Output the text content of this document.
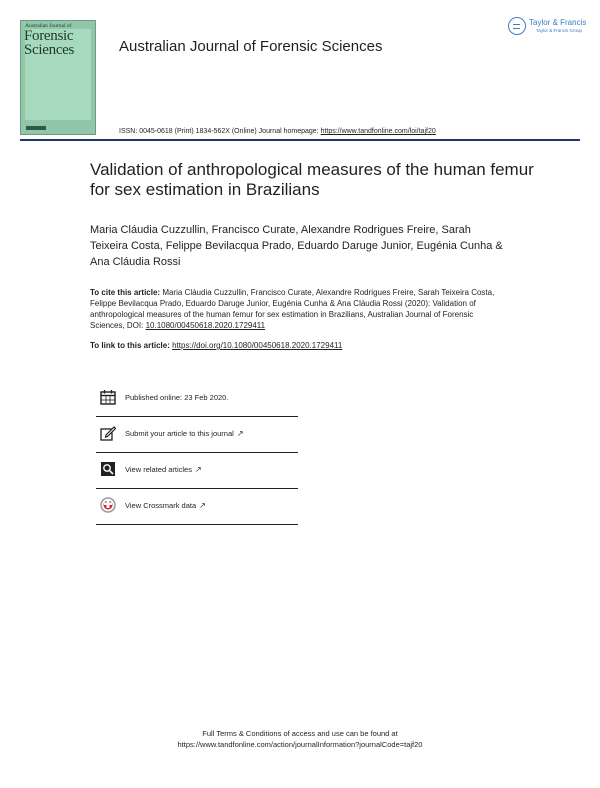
Australian Journal of
Forensic
Sciences	Australian Journal of Forensic Sciences
Taylor & Francis
Taylor & Francis Group
ISSN: 0045-0618 (Print) 1834-562X (Online) Journal homepage: https://www.tandfonline.com/loi/tajf20
Validation of anthropological measures of the human femur for sex estimation in Brazilians
Maria Cláudia Cuzzullin, Francisco Curate, Alexandre Rodrigues Freire, Sarah Teixeira Costa, Felippe Bevilacqua Prado, Eduardo Daruge Junior, Eugénia Cunha & Ana Cláudia Rossi
To cite this article: Maria Cláudia Cuzzullin, Francisco Curate, Alexandre Rodrigues Freire, Sarah Teixeira Costa, Felippe Bevilacqua Prado, Eduardo Daruge Junior, Eugénia Cunha & Ana Cláudia Rossi (2020): Validation of anthropological measures of the human femur for sex estimation in Brazilians, Australian Journal of Forensic Sciences, DOI: 10.1080/00450618.2020.1729411
To link to this article: https://doi.org/10.1080/00450618.2020.1729411
Published online: 23 Feb 2020.
Submit your article to this journal ↗
View related articles ↗
View Crossmark data ↗
Full Terms & Conditions of access and use can be found at
https://www.tandfonline.com/action/journalInformation?journalCode=tajf20
